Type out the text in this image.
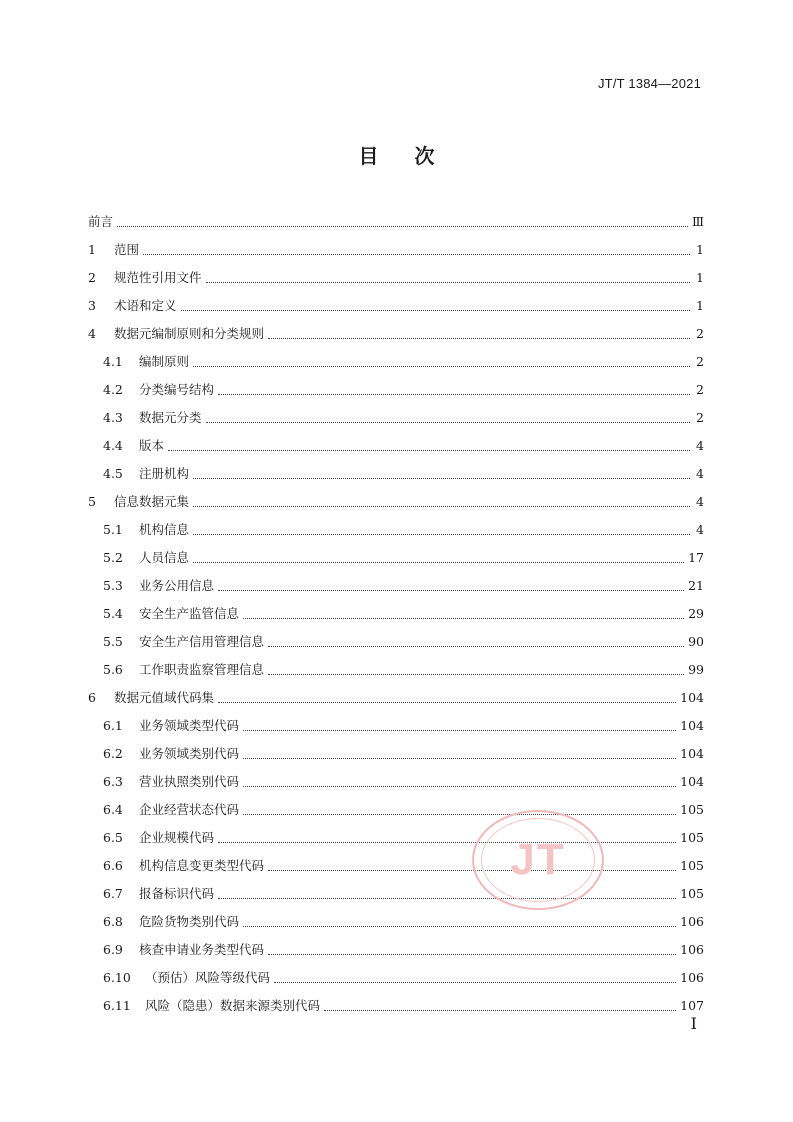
JT/T 1384—2021
目次
前言	Ⅲ
1	范围	1
2	规范性引用文件	1
3	术语和定义	1
4	数据元编制原则和分类规则	2
4.1	编制原则	2
4.2	分类编号结构	2
4.3	数据元分类	2
4.4	版本	4
4.5	注册机构	4
5	信息数据元集	4
5.1	机构信息	4
5.2	人员信息	17
5.3	业务公用信息	21
5.4	安全生产监管信息	29
5.5	安全生产信用管理信息	90
5.6	工作职责监察管理信息	99
6	数据元值域代码集	104
6.1	业务领域类型代码	104
6.2	业务领域类别代码	104
6.3	营业执照类别代码	104
6.4	企业经营状态代码	105
6.5	企业规模代码	105
6.6	机构信息变更类型代码	105
6.7	报备标识代码	105
6.8	危险货物类别代码	106
6.9	核查申请业务类型代码	106
6.10	（预估）风险等级代码	106
6.11	风险（隐患）数据来源类别代码	107
JT
I
